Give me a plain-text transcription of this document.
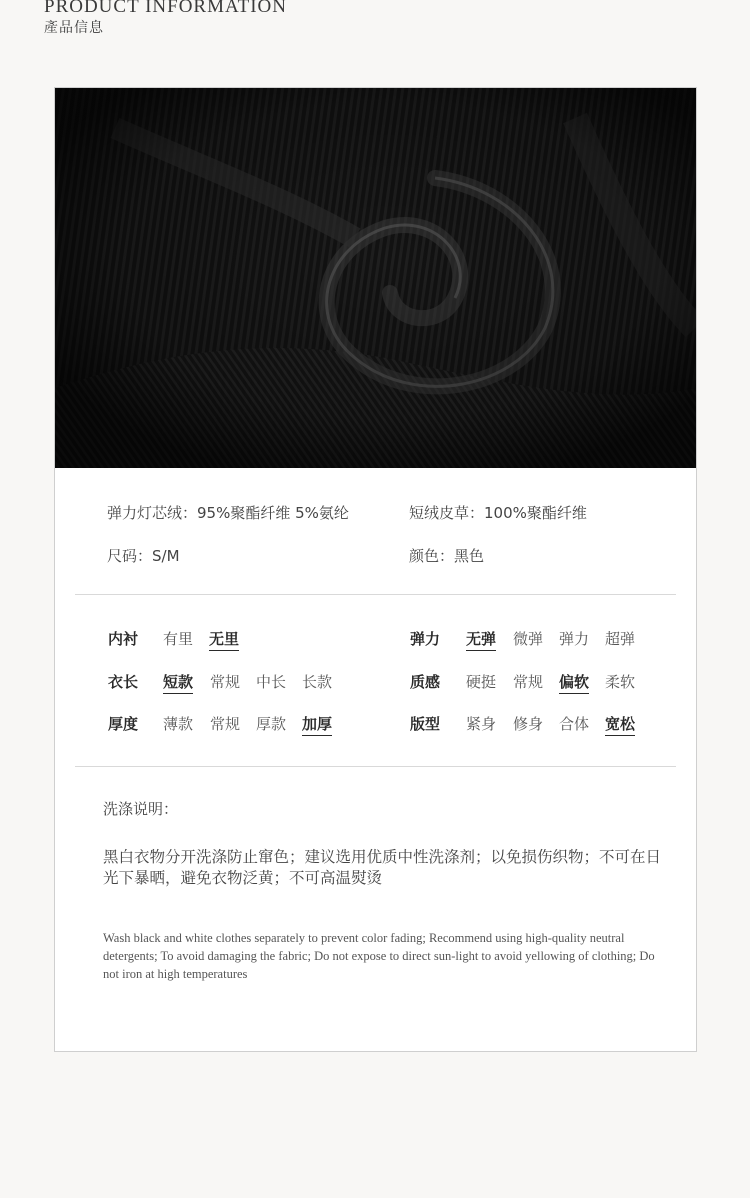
PRODUCT INFORMATION
產品信息
弹力灯芯绒：95%聚酯纤维 5%氨纶	短绒皮草：100%聚酯纤维
尺码：S/M	颜色：黑色
内衬 有里 无里	弹力 无弹 微弹 弹力 超弹
衣长 短款 常规 中长 长款	质感 硬挺 常规 偏软 柔软
厚度 薄款 常规 厚款 加厚	版型 紧身 修身 合体 宽松
洗涤说明：
黑白衣物分开洗涤防止窜色；建议选用优质中性洗涤剂；以免损伤织物；不可在日光下暴晒，避免衣物泛黄；不可高温熨烫
Wash black and white clothes separately to prevent color fading; Recommend using high-quality neutral detergents; To avoid damaging the fabric; Do not expose to direct sun-light to avoid yellowing of clothing; Do not iron at high temperatures
